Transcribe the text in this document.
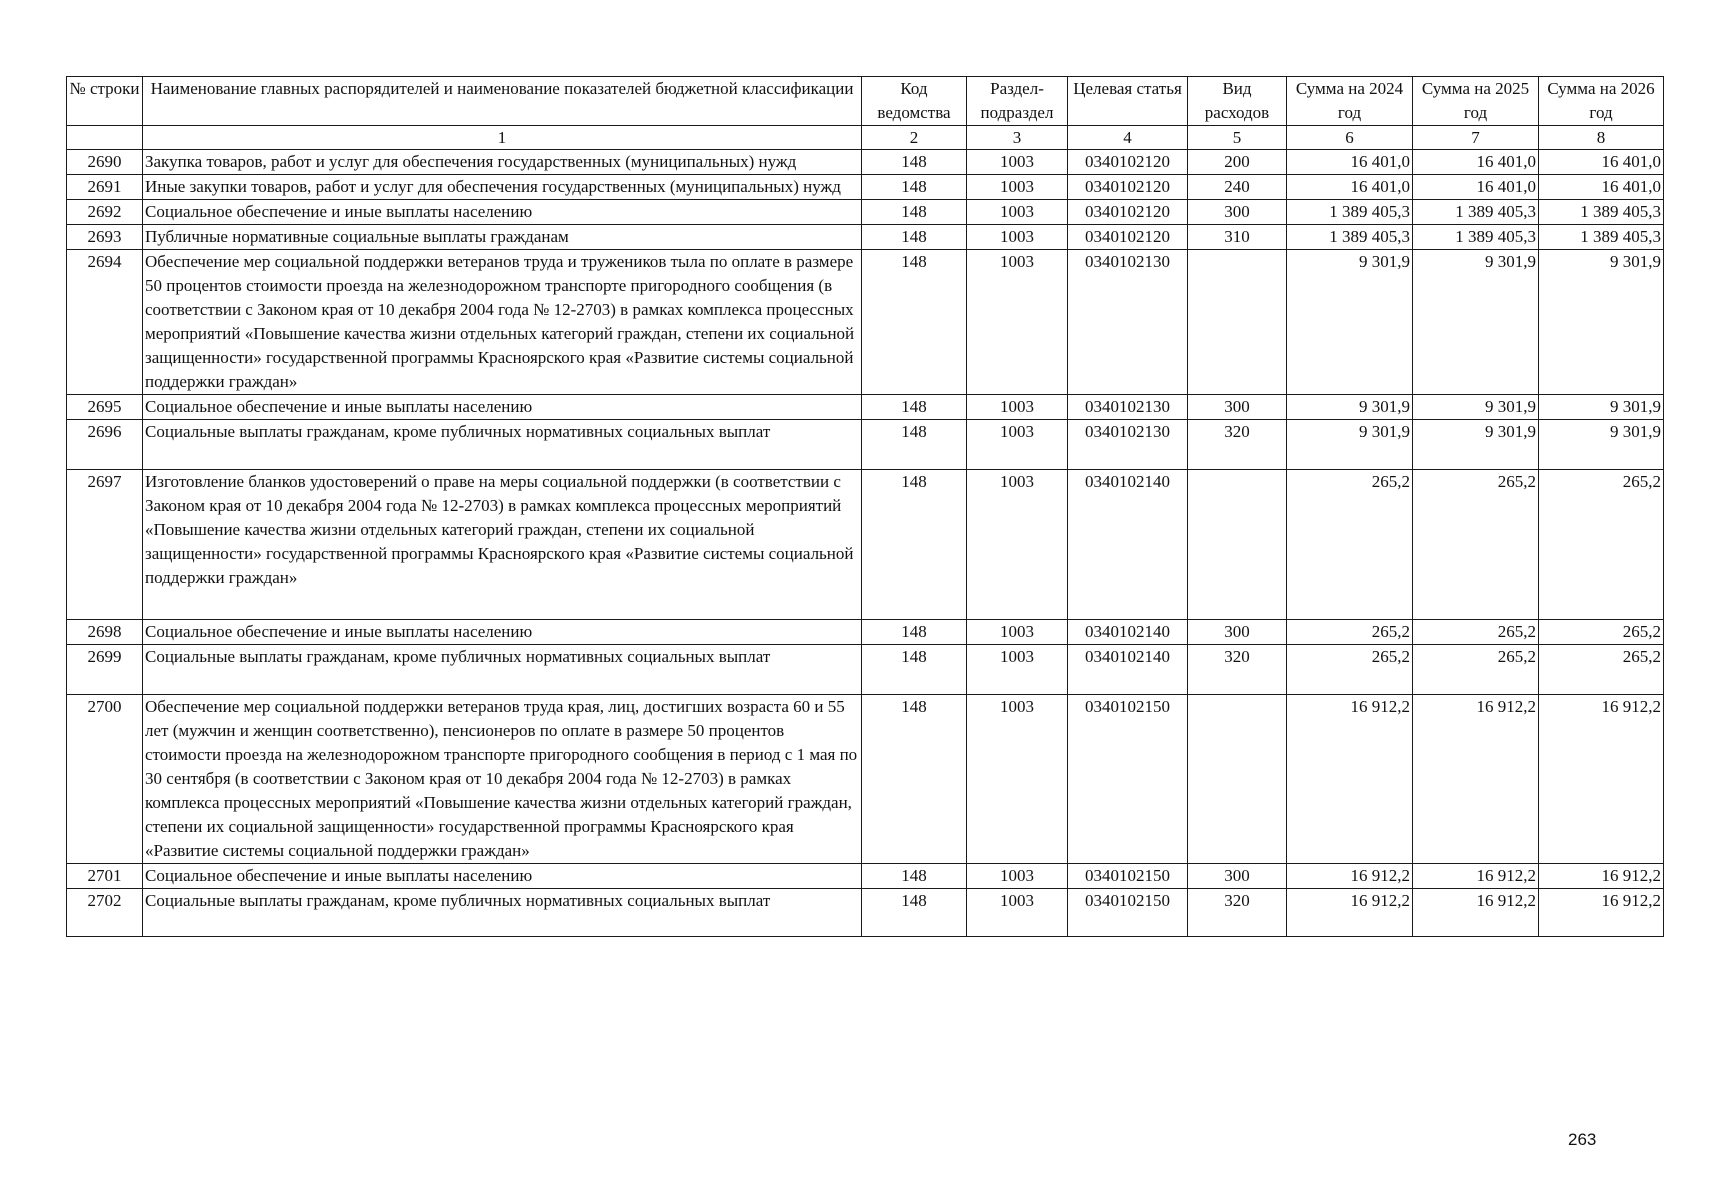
№ строки	Наименование главных распорядителей и наименование показателей бюджетной классификации	Код ведомства	Раздел-подраздел	Целевая статья	Вид расходов	Сумма на 2024 год	Сумма на 2025 год	Сумма на 2026 год
	1	2	3	4	5	6	7	8
2690	Закупка товаров, работ и услуг для обеспечения государственных (муниципальных) нужд	148	1003	0340102120	200	16 401,0	16 401,0	16 401,0
2691	Иные закупки товаров, работ и услуг для обеспечения государственных (муниципальных) нужд	148	1003	0340102120	240	16 401,0	16 401,0	16 401,0
2692	Социальное обеспечение и иные выплаты населению	148	1003	0340102120	300	1 389 405,3	1 389 405,3	1 389 405,3
2693	Публичные нормативные социальные выплаты гражданам	148	1003	0340102120	310	1 389 405,3	1 389 405,3	1 389 405,3
2694	Обеспечение мер социальной поддержки ветеранов труда и тружеников тыла по оплате в размере 50 процентов стоимости проезда на железнодорожном транспорте пригородного сообщения (в соответствии с Законом края от 10 декабря 2004 года № 12-2703) в рамках комплекса процессных мероприятий «Повышение качества жизни отдельных категорий граждан, степени их социальной защищенности» государственной программы Красноярского края «Развитие системы социальной поддержки граждан»	148	1003	0340102130		9 301,9	9 301,9	9 301,9
2695	Социальное обеспечение и иные выплаты населению	148	1003	0340102130	300	9 301,9	9 301,9	9 301,9
2696	Социальные выплаты гражданам, кроме публичных нормативных социальных выплат	148	1003	0340102130	320	9 301,9	9 301,9	9 301,9
2697	Изготовление бланков удостоверений о праве на меры социальной поддержки (в соответствии с Законом края от 10 декабря 2004 года № 12-2703) в рамках комплекса процессных мероприятий «Повышение качества жизни отдельных категорий граждан, степени их социальной защищенности» государственной программы Красноярского края «Развитие системы социальной поддержки граждан»	148	1003	0340102140		265,2	265,2	265,2
2698	Социальное обеспечение и иные выплаты населению	148	1003	0340102140	300	265,2	265,2	265,2
2699	Социальные выплаты гражданам, кроме публичных нормативных социальных выплат	148	1003	0340102140	320	265,2	265,2	265,2
2700	Обеспечение мер социальной поддержки ветеранов труда края, лиц, достигших возраста 60 и 55 лет (мужчин и женщин соответственно), пенсионеров по оплате в размере 50 процентов стоимости проезда на железнодорожном транспорте пригородного сообщения в период с 1 мая по 30 сентября (в соответствии с Законом края от 10 декабря 2004 года № 12-2703) в рамках комплекса процессных мероприятий «Повышение качества жизни отдельных категорий граждан, степени их социальной защищенности» государственной программы Красноярского края «Развитие системы социальной поддержки граждан»	148	1003	0340102150		16 912,2	16 912,2	16 912,2
2701	Социальное обеспечение и иные выплаты населению	148	1003	0340102150	300	16 912,2	16 912,2	16 912,2
2702	Социальные выплаты гражданам, кроме публичных нормативных социальных выплат	148	1003	0340102150	320	16 912,2	16 912,2	16 912,2
263
